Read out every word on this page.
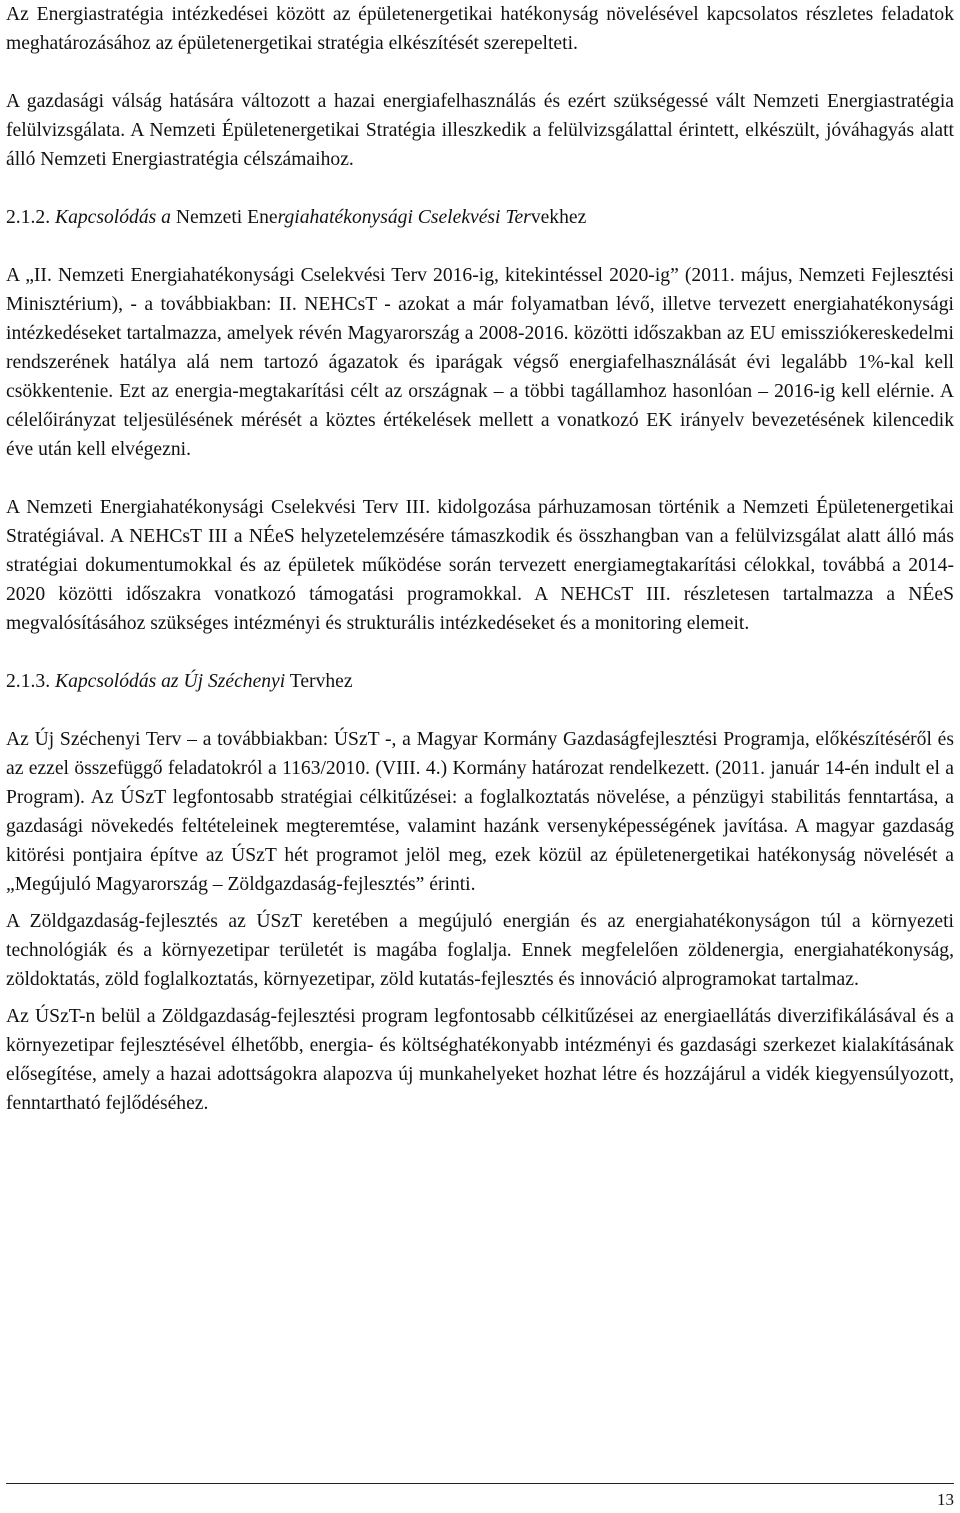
Az Energiastratégia intézkedései között az épületenergetikai hatékonyság növelésével kapcsolatos részletes feladatok meghatározásához az épületenergetikai stratégia elkészítését szerepelteti.

A gazdasági válság hatására változott a hazai energiafelhasználás és ezért szükségessé vált Nemzeti Energiastratégia felülvizsgálata. A Nemzeti Épületenergetikai Stratégia illeszkedik a felülvizsgálattal érintett, elkészült, jóváhagyás alatt álló Nemzeti Energiastratégia célszámaihoz.

2.1.2. Kapcsolódás a Nemzeti Energiahatékonysági Cselekvési Tervekhez

A „II. Nemzeti Energiahatékonysági Cselekvési Terv 2016-ig, kitekintéssel 2020-ig” (2011. május, Nemzeti Fejlesztési Minisztérium), - a továbbiakban: II. NEHCsT - azokat a már folyamatban lévő, illetve tervezett energiahatékonysági intézkedéseket tartalmazza, amelyek révén Magyarország a 2008-2016. közötti időszakban az EU emissziókereskedelmi rendszerének hatálya alá nem tartozó ágazatok és iparágak végső energiafelhasználását évi legalább 1%-kal kell csökkentenie. Ezt az energia-megtakarítási célt az országnak – a többi tagállamhoz hasonlóan – 2016-ig kell elérnie. A célelőirányzat teljesülésének mérését a köztes értékelések mellett a vonatkozó EK irányelv bevezetésének kilencedik éve után kell elvégezni.

A Nemzeti Energiahatékonysági Cselekvési Terv III. kidolgozása párhuzamosan történik a Nemzeti Épületenergetikai Stratégiával. A NEHCsT III a NÉeS helyzetelemzésére támaszkodik és összhangban van a felülvizsgálat alatt álló más stratégiai dokumentumokkal és az épületek működése során tervezett energiamegtakarítási célokkal, továbbá a 2014-2020 közötti időszakra vonatkozó támogatási programokkal. A NEHCsT III. részletesen tartalmazza a NÉeS megvalósításához szükséges intézményi és strukturális intézkedéseket és a monitoring elemeit.

2.1.3. Kapcsolódás az Új Széchenyi Tervhez

Az Új Széchenyi Terv – a továbbiakban: ÚSzT -, a Magyar Kormány Gazdaságfejlesztési Programja, előkészítéséről és az ezzel összefüggő feladatokról a 1163/2010. (VIII. 4.) Kormány határozat rendelkezett. (2011. január 14-én indult el a Program). Az ÚSzT legfontosabb stratégiai célkitűzései: a foglalkoztatás növelése, a pénzügyi stabilitás fenntartása, a gazdasági növekedés feltételeinek megteremtése, valamint hazánk versenyképességének javítása. A magyar gazdaság kitörési pontjaira építve az ÚSzT hét programot jelöl meg, ezek közül az épületenergetikai hatékonyság növelését a „Megújuló Magyarország – Zöldgazdaság-fejlesztés” érinti.

A Zöldgazdaság-fejlesztés az ÚSzT keretében a megújuló energián és az energiahatékonyságon túl a környezeti technológiák és a környezetipar területét is magába foglalja. Ennek megfelelően zöldenergia, energiahatékonyság, zöldoktatás, zöld foglalkoztatás, környezetipar, zöld kutatás-fejlesztés és innováció alprogramokat tartalmaz.

Az ÚSzT-n belül a Zöldgazdaság-fejlesztési program legfontosabb célkitűzései az energiaellátás diverzifikálásával és a környezetipar fejlesztésével élhetőbb, energia- és költséghatékonyabb intézményi és gazdasági szerkezet kialakításának elősegítése, amely a hazai adottságokra alapozva új munkahelyeket hozhat létre és hozzájárul a vidék kiegyensúlyozott, fenntartható fejlődéséhez.

13
